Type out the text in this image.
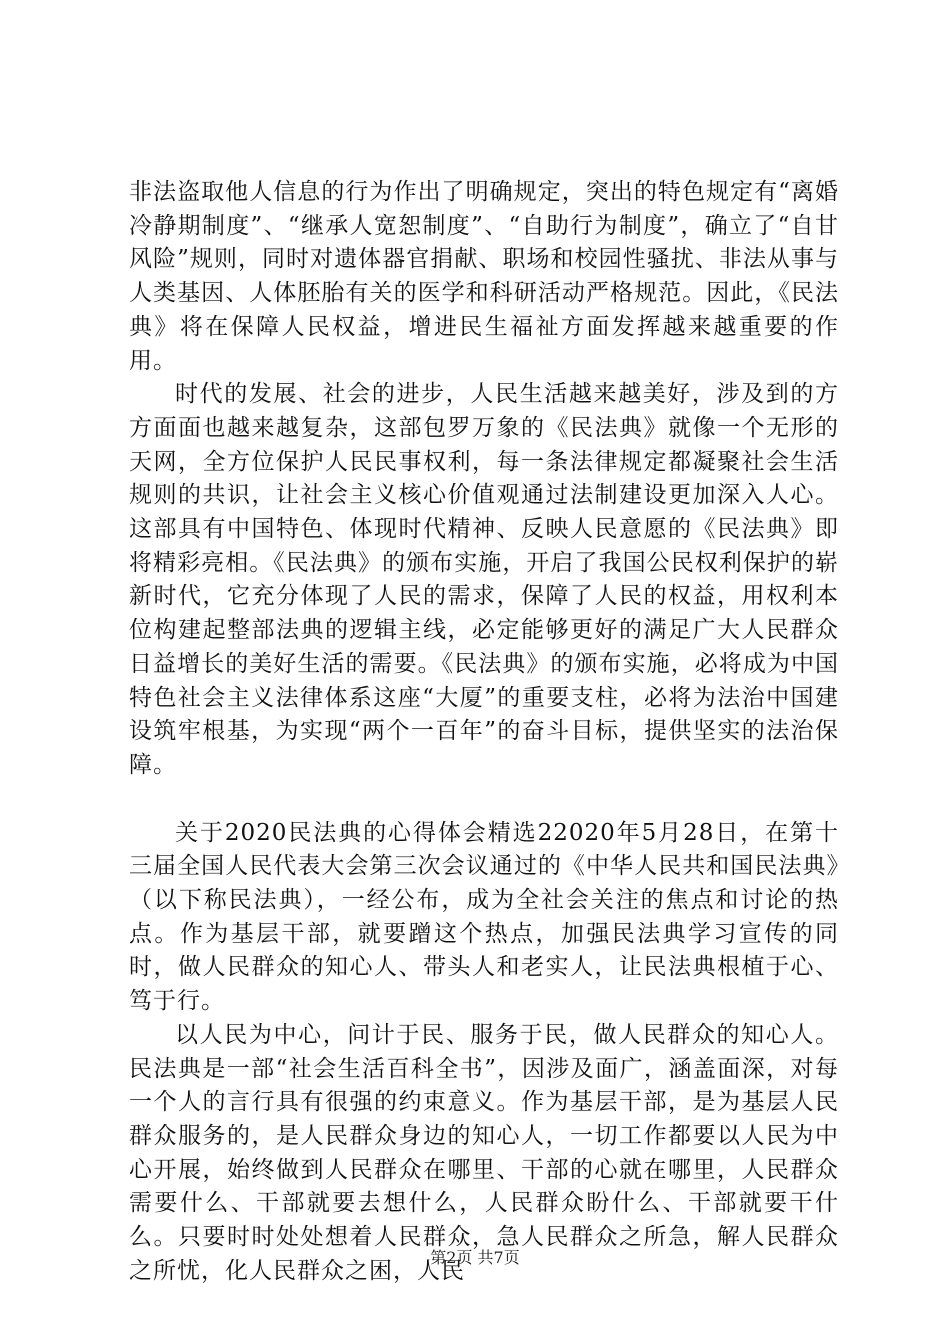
非法盗取他人信息的行为作出了明确规定，突出的特色规定有“离婚冷静期制度”、“继承人宽恕制度”、“自助行为制度”，确立了“自甘风险”规则，同时对遗体器官捐献、职场和校园性骚扰、非法从事与人类基因、人体胚胎有关的医学和科研活动严格规范。因此，《民法典》将在保障人民权益，增进民生福祉方面发挥越来越重要的作用。

时代的发展、社会的进步，人民生活越来越美好，涉及到的方方面面也越来越复杂，这部包罗万象的《民法典》就像一个无形的天网，全方位保护人民民事权利，每一条法律规定都凝聚社会生活规则的共识，让社会主义核心价值观通过法制建设更加深入人心。这部具有中国特色、体现时代精神、反映人民意愿的《民法典》即将精彩亮相。《民法典》的颁布实施，开启了我国公民权利保护的崭新时代，它充分体现了人民的需求，保障了人民的权益，用权利本位构建起整部法典的逻辑主线，必定能够更好的满足广大人民群众日益增长的美好生活的需要。《民法典》的颁布实施，必将成为中国特色社会主义法律体系这座“大厦”的重要支柱，必将为法治中国建设筑牢根基，为实现“两个一百年”的奋斗目标，提供坚实的法治保障。

关于2020民法典的心得体会精选22020年5月28日，在第十三届全国人民代表大会第三次会议通过的《中华人民共和国民法典》（以下称民法典），一经公布，成为全社会关注的焦点和讨论的热点。作为基层干部，就要蹭这个热点，加强民法典学习宣传的同时，做人民群众的知心人、带头人和老实人，让民法典根植于心、笃于行。

以人民为中心，问计于民、服务于民，做人民群众的知心人。民法典是一部“社会生活百科全书”，因涉及面广，涵盖面深，对每一个人的言行具有很强的约束意义。作为基层干部，是为基层人民群众服务的，是人民群众身边的知心人，一切工作都要以人民为中心开展，始终做到人民群众在哪里、干部的心就在哪里，人民群众需要什么、干部就要去想什么，人民群众盼什么、干部就要干什么。只要时时处处想着人民群众，急人民群众之所急，解人民群众之所忧，化人民群众之困，人民

第2页 共7页
